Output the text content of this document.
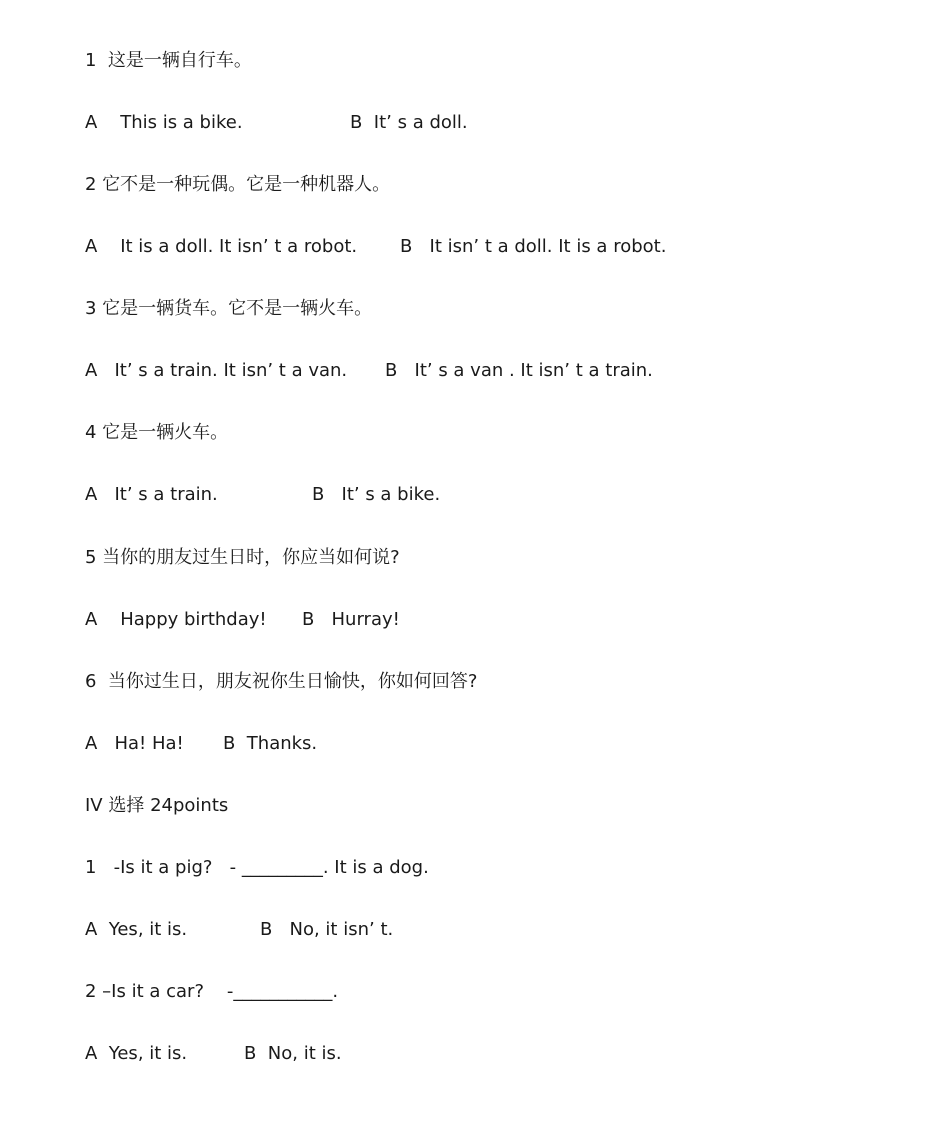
1  这是一辆自行车。

A    This is a bike.

	B  It’ s a doll.

2 它不是一种玩偶。它是一种机器人。

A    It is a doll. It isn’ t a robot.

B   It isn’ t a doll. It is a robot.

3 它是一辆货车。它不是一辆火车。

A   It’ s a train. It isn’ t a van.

B   It’ s a van . It isn’ t a train.

4 它是一辆火车。

A   It’ s a train.

	B   It’ s a bike.

5 当你的朋友过生日时，你应当如何说?

A    Happy birthday!

B   Hurray!

6  当你过生日，朋友祝你生日愉快，你如何回答?

A   Ha! Ha!

B  Thanks.

IV 选择 24points
1   -Is it a pig?   - _________. It is a dog.

A  Yes, it is.

	B   No, it isn’ t.

2 –Is it a car?    -___________.

A  Yes, it is.

	B  No, it is.
